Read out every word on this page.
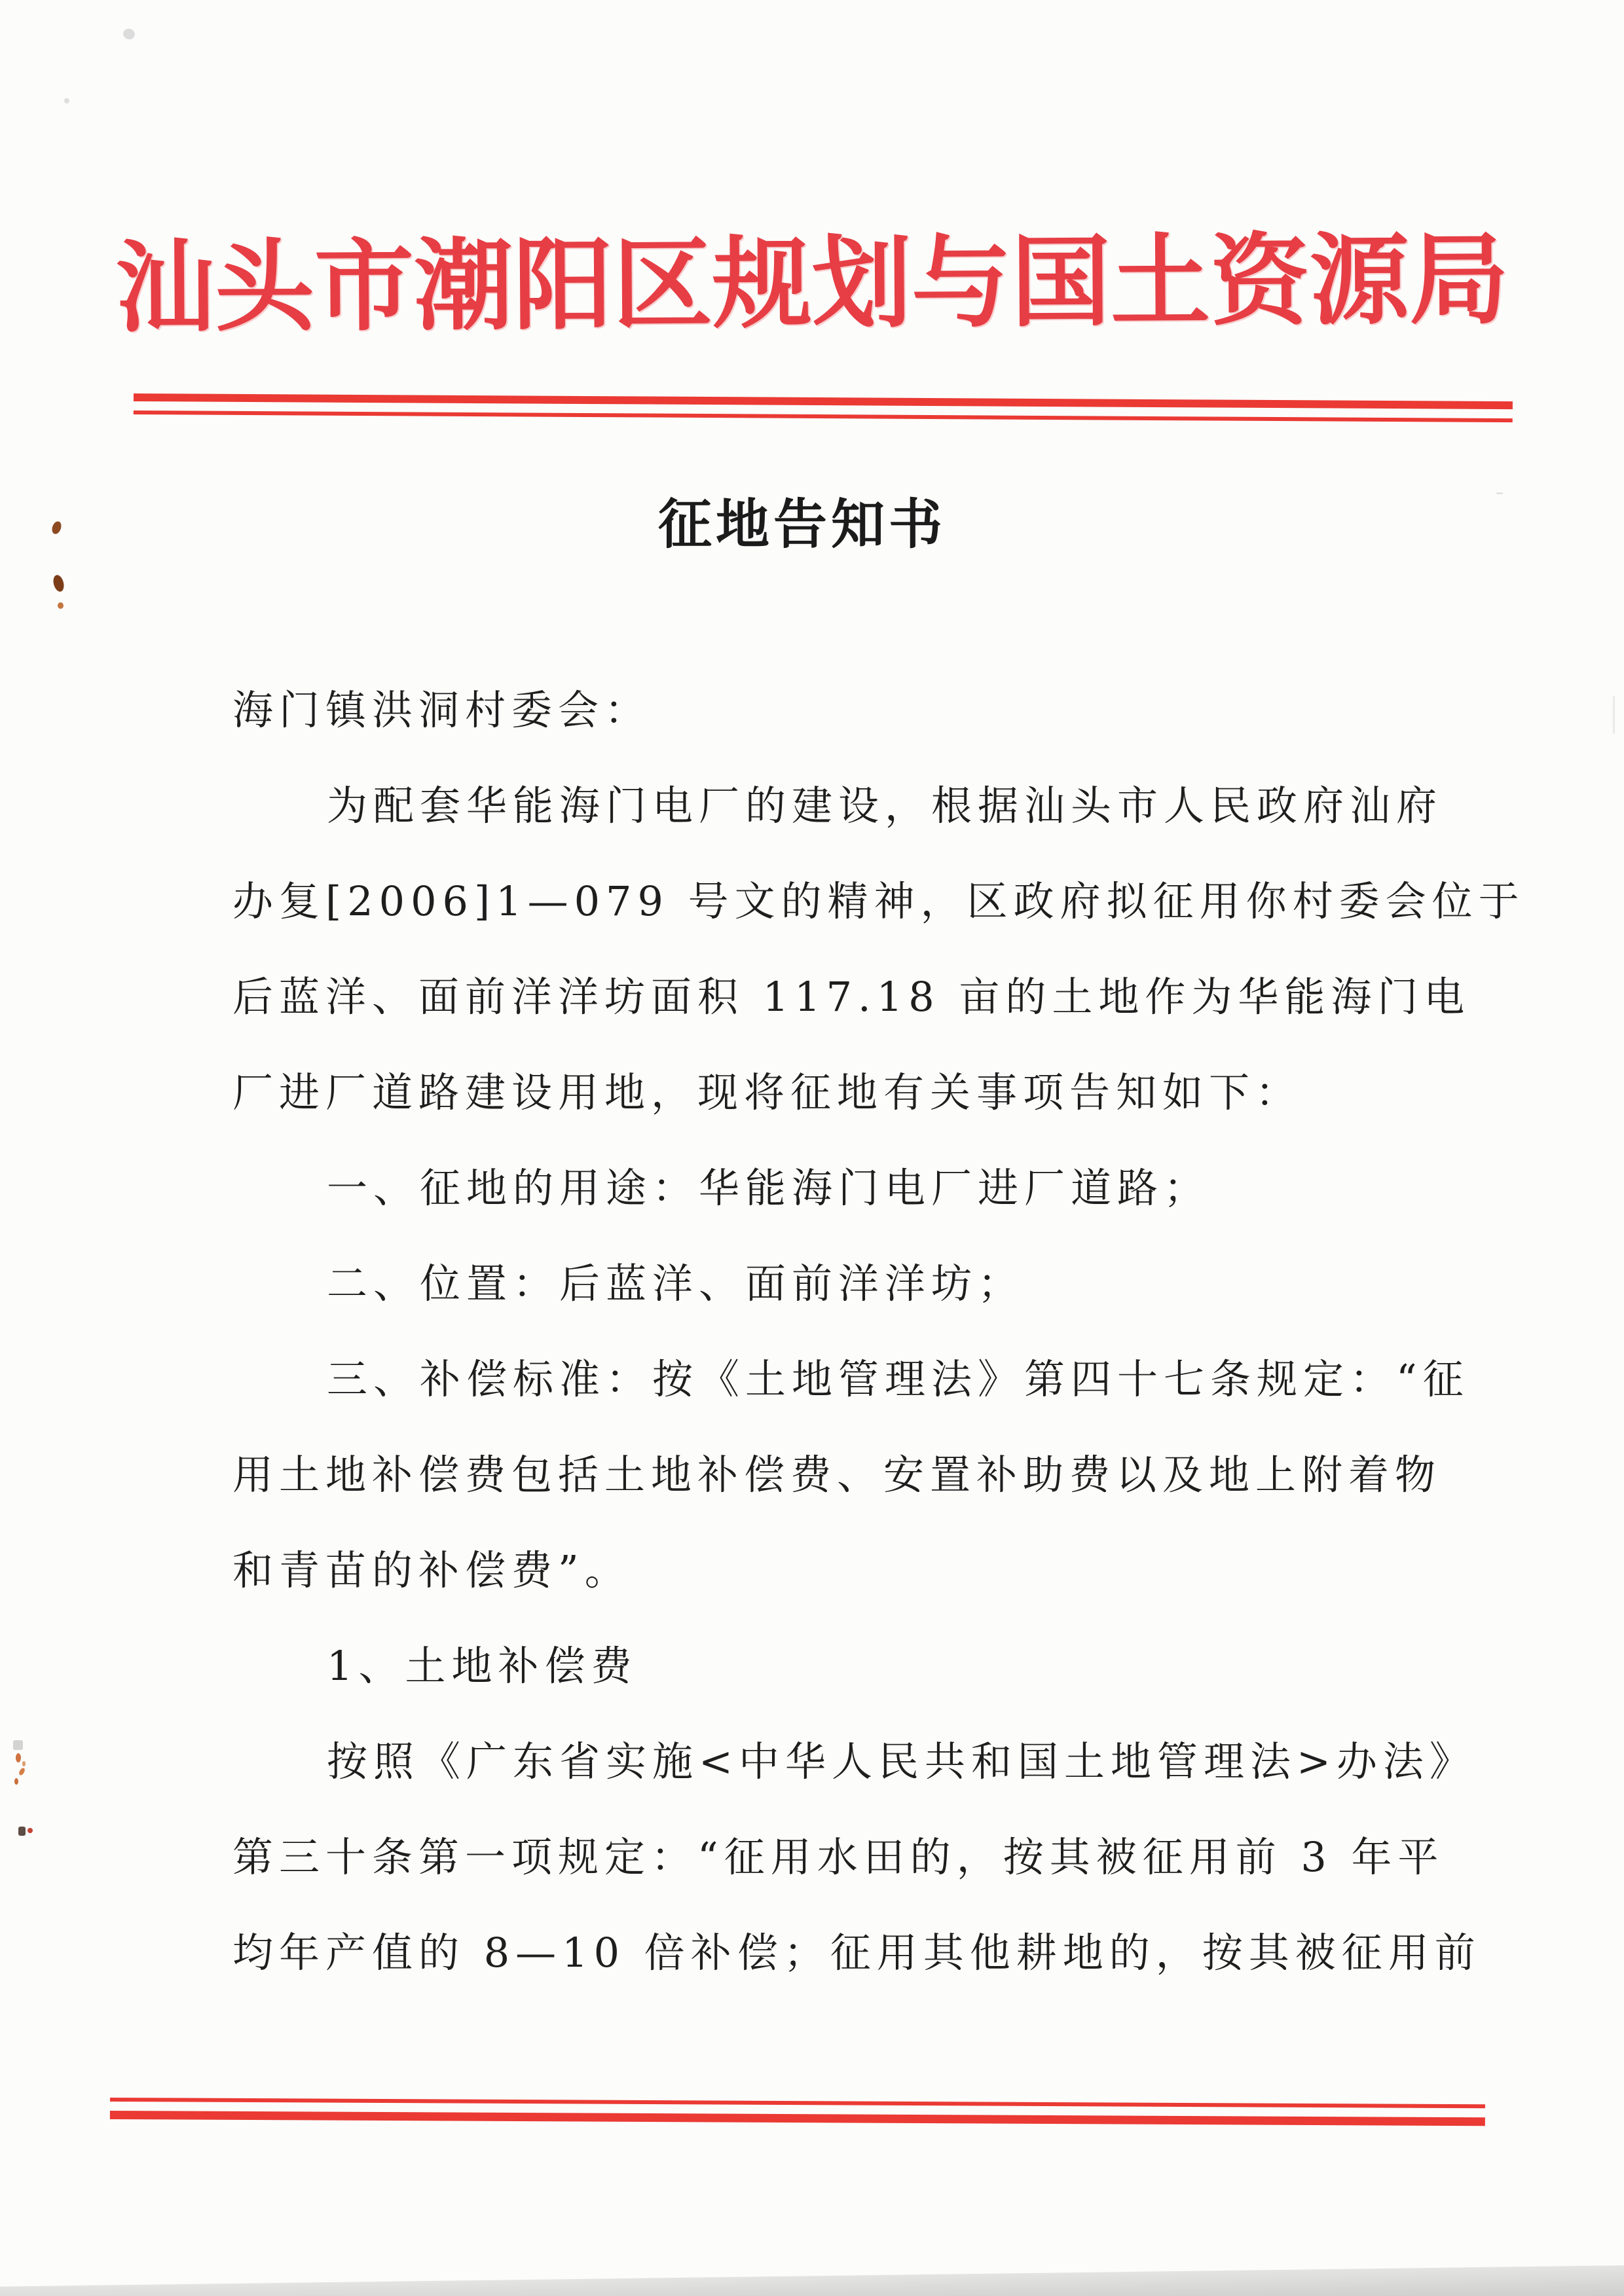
汕头市潮阳区规划与国土资源局
征地告知书
海门镇洪洞村委会：
为配套华能海门电厂的建设，根据汕头市人民政府汕府
办复[2006]1—079 号文的精神，区政府拟征用你村委会位于
后蓝洋、面前洋洋坊面积 117.18 亩的土地作为华能海门电
厂进厂道路建设用地，现将征地有关事项告知如下：
一、征地的用途：华能海门电厂进厂道路；
二、位置：后蓝洋、面前洋洋坊；
三、补偿标准：按《土地管理法》第四十七条规定：“征
用土地补偿费包括土地补偿费、安置补助费以及地上附着物
和青苗的补偿费”。
1、土地补偿费
按照《广东省实施<中华人民共和国土地管理法>办法》
第三十条第一项规定：“征用水田的，按其被征用前 3 年平
均年产值的 8—10 倍补偿；征用其他耕地的，按其被征用前
